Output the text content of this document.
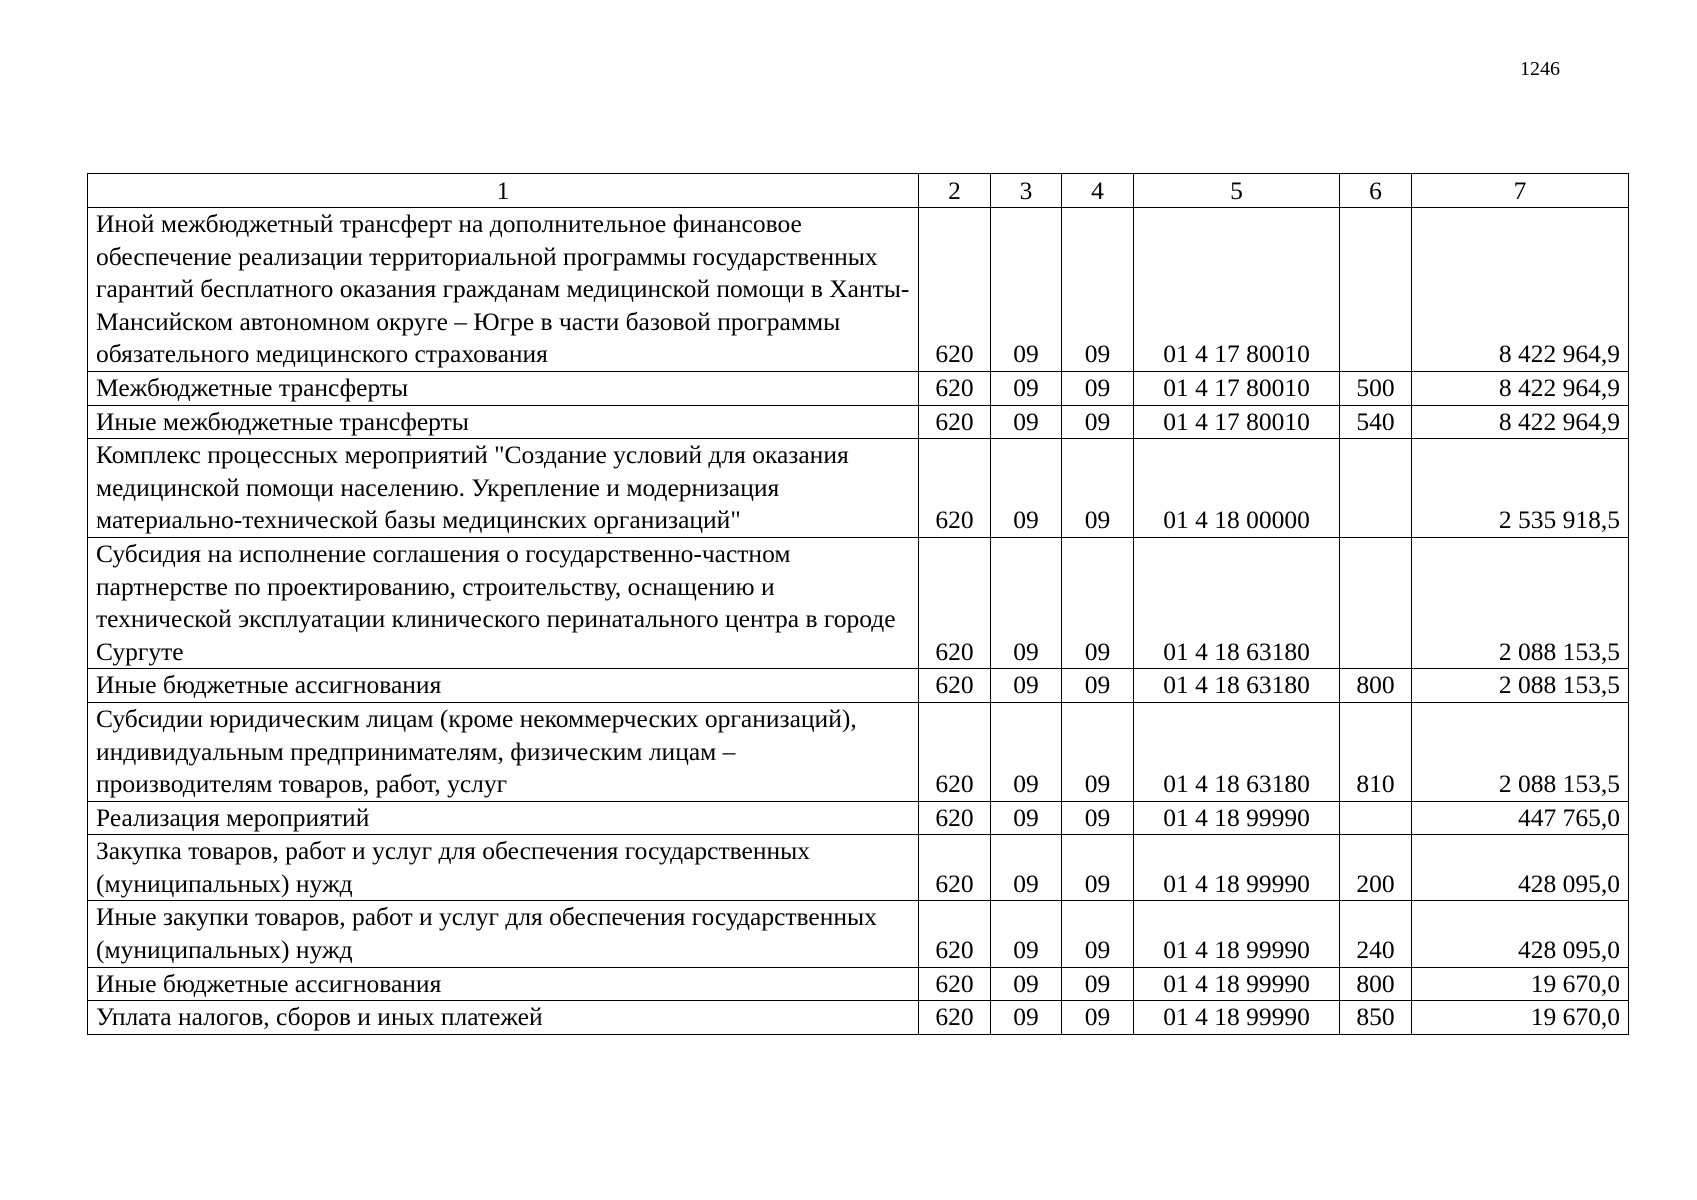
1246
1	2	3	4	5	6	7
Иной межбюджетный трансферт на дополнительное финансовое обеспечение реализации территориальной программы государственных гарантий бесплатного оказания гражданам медицинской помощи в Ханты-Мансийском автономном округе – Югре в части базовой программы обязательного медицинского страхования	620	09	09	01 4 17 80010		8 422 964,9
Межбюджетные трансферты	620	09	09	01 4 17 80010	500	8 422 964,9
Иные межбюджетные трансферты	620	09	09	01 4 17 80010	540	8 422 964,9
Комплекс процессных мероприятий "Создание условий для оказания медицинской помощи населению. Укрепление и модернизация материально-технической базы медицинских организаций"	620	09	09	01 4 18 00000		2 535 918,5
Субсидия на исполнение соглашения о государственно-частном партнерстве по проектированию, строительству, оснащению и технической эксплуатации клинического перинатального центра в городе Сургуте	620	09	09	01 4 18 63180		2 088 153,5
Иные бюджетные ассигнования	620	09	09	01 4 18 63180	800	2 088 153,5
Субсидии юридическим лицам (кроме некоммерческих организаций), индивидуальным предпринимателям, физическим лицам – производителям товаров, работ, услуг	620	09	09	01 4 18 63180	810	2 088 153,5
Реализация мероприятий	620	09	09	01 4 18 99990		447 765,0
Закупка товаров, работ и услуг для обеспечения государственных (муниципальных) нужд	620	09	09	01 4 18 99990	200	428 095,0
Иные закупки товаров, работ и услуг для обеспечения государственных (муниципальных) нужд	620	09	09	01 4 18 99990	240	428 095,0
Иные бюджетные ассигнования	620	09	09	01 4 18 99990	800	19 670,0
Уплата налогов, сборов и иных платежей	620	09	09	01 4 18 99990	850	19 670,0
